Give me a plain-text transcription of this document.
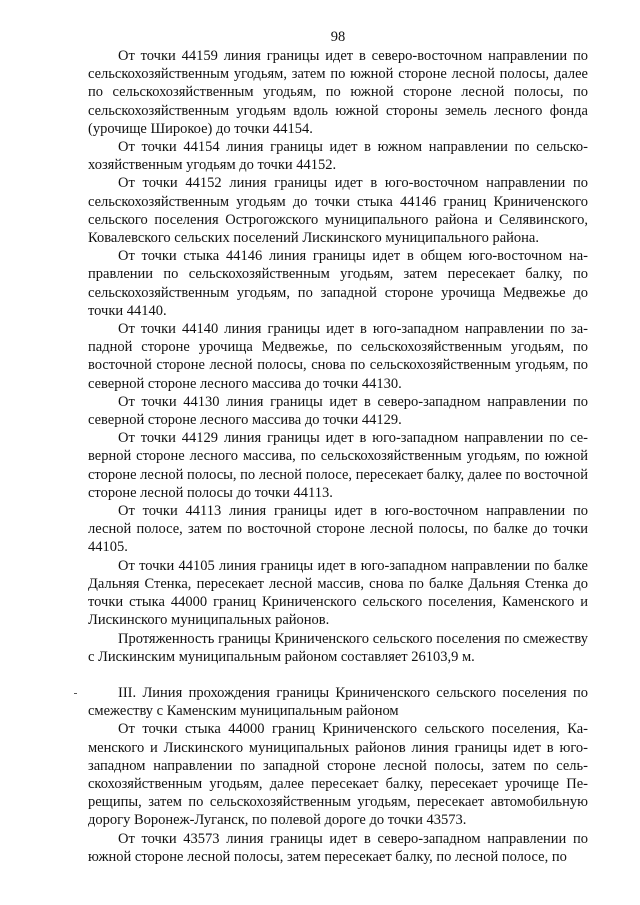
98

От точки 44159 линия границы идет в северо-восточном направлении по сельскохозяйственным угодьям, затем по южной стороне лесной полосы, далее по сельскохозяйственным угодьям, по южной стороне лесной полосы, по сельскохозяйственным угодьям вдоль южной стороны земель лесного фонда (урочище Широкое) до точки 44154.

От точки 44154 линия границы идет в южном направлении по сельскохозяйственным угодьям до точки 44152.

От точки 44152 линия границы идет в юго-восточном направлении по сельскохозяйственным угодьям до точки стыка 44146 границ Криниченского сельского поселения Острогожского муниципального района и Селявинского, Ковалевского сельских поселений Лискинского муниципального района.

От точки стыка 44146 линия границы идет в общем юго-восточном направлении по сельскохозяйственным угодьям, затем пересекает балку, по сельскохозяйственным угодьям, по западной стороне урочища Медвежье до точки 44140.

От точки 44140 линия границы идет в юго-западном направлении по западной стороне урочища Медвежье, по сельскохозяйственным угодьям, по восточной стороне лесной полосы, снова по сельскохозяйственным угодьям, по северной стороне лесного массива до точки 44130.

От точки 44130 линия границы идет в северо-западном направлении по северной стороне лесного массива до точки 44129.

От точки 44129 линия границы идет в юго-западном направлении по северной стороне лесного массива, по сельскохозяйственным угодьям, по южной стороне лесной полосы, по лесной полосе, пересекает балку, далее по восточной стороне лесной полосы до точки 44113.

От точки 44113 линия границы идет в юго-восточном направлении по лесной полосе, затем по восточной стороне лесной полосы, по балке до точки 44105.

От точки 44105 линия границы идет в юго-западном направлении по балке Дальняя Стенка, пересекает лесной массив, снова по балке Дальняя Стенка до точки стыка 44000 границ Криниченского сельского поселения, Каменского и Лискинского муниципальных районов.

Протяженность границы Криниченского сельского поселения по смежеству с Лискинским муниципальным районом составляет 26103,9 м.

III. Линия прохождения границы Криниченского сельского поселения по смежеству с Каменским муниципальным районом

От точки стыка 44000 границ Криниченского сельского поселения, Каменского и Лискинского муниципальных районов линия границы идет в юго-западном направлении по западной стороне лесной полосы, затем по сельскохозяйственным угодьям, далее пересекает балку, пересекает урочище Перещипы, затем по сельскохозяйственным угодьям, пересекает автомобильную дорогу Воронеж-Луганск, по полевой дороге до точки 43573.

От точки 43573 линия границы идет в северо-западном направлении по южной стороне лесной полосы, затем пересекает балку, по лесной полосе, по
